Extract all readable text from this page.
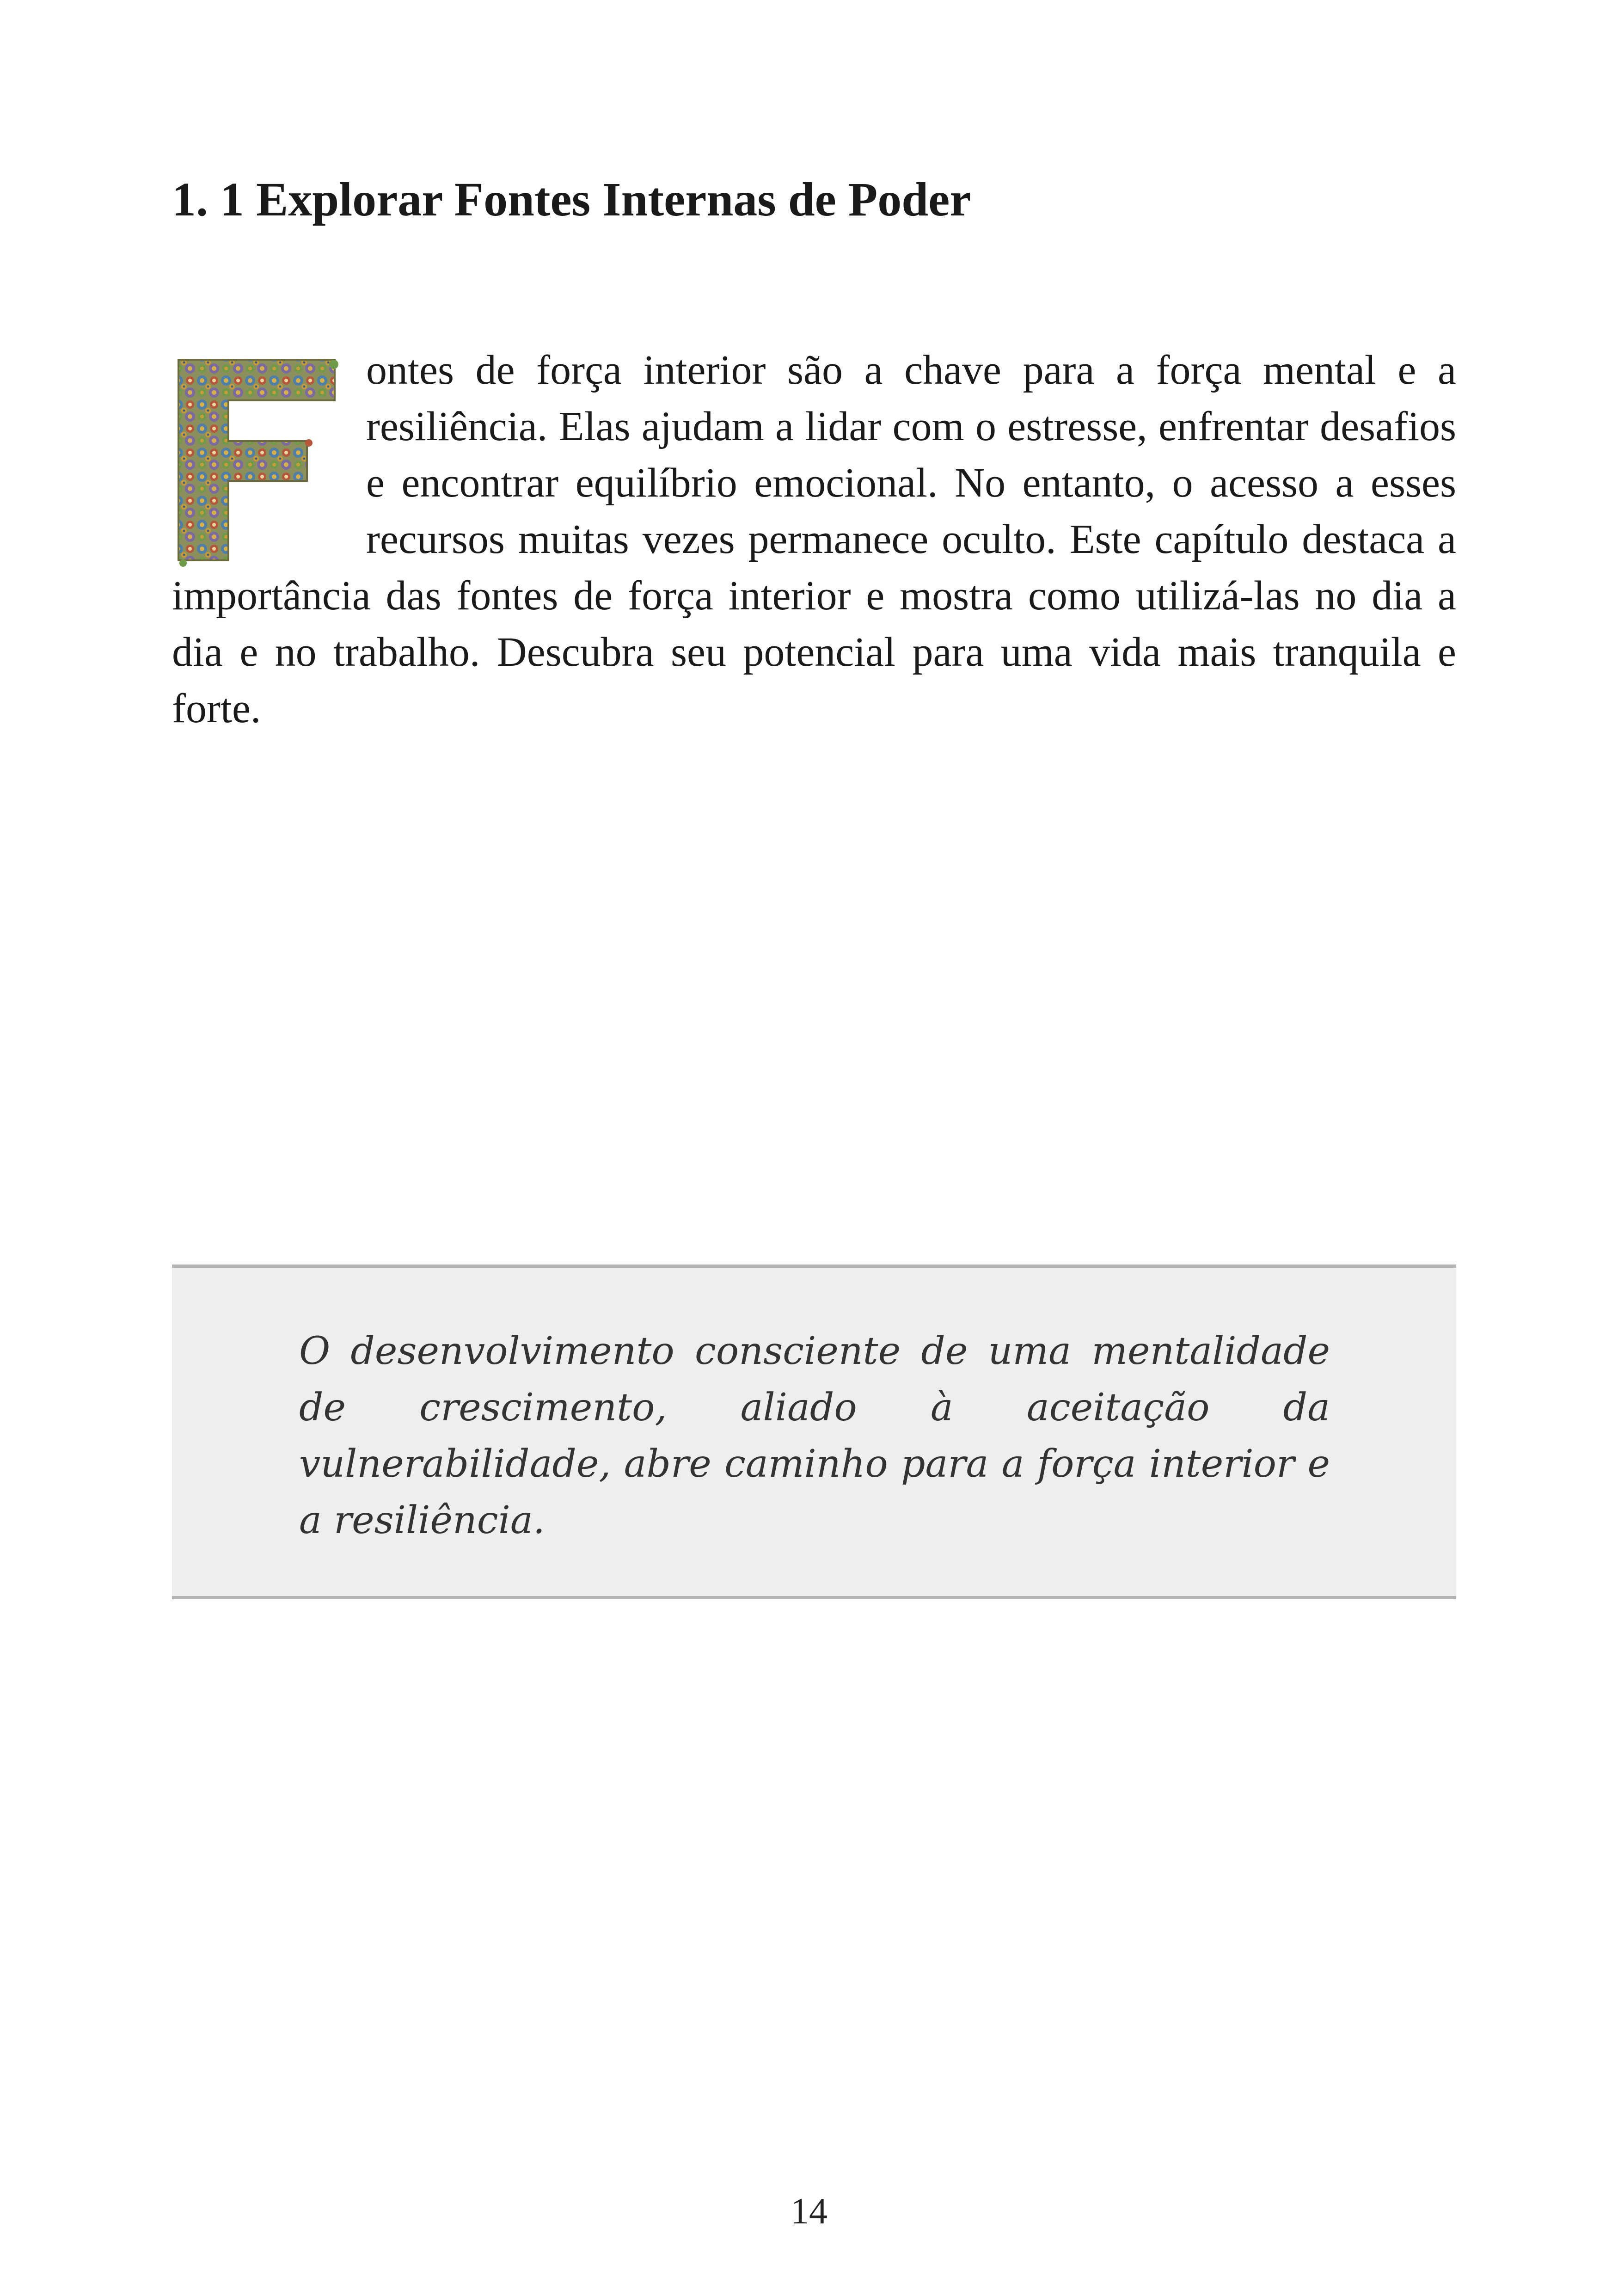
1. 1 Explorar Fontes Internas de Poder

ontes de força interior são a chave para a força mental e a resiliência. Elas ajudam a lidar com o estresse, enfrentar desafios e encontrar equilíbrio emocional. No entanto, o acesso a esses recursos muitas vezes permanece oculto. Este capítulo destaca a importância das fontes de força interior e mostra como utilizá-las no dia a dia e no trabalho. Descubra seu potencial para uma vida mais tranquila e forte.

O desenvolvimento consciente de uma mentalidade de crescimento, aliado à aceitação da vulnerabilidade, abre caminho para a força interior e a resiliência.

14
